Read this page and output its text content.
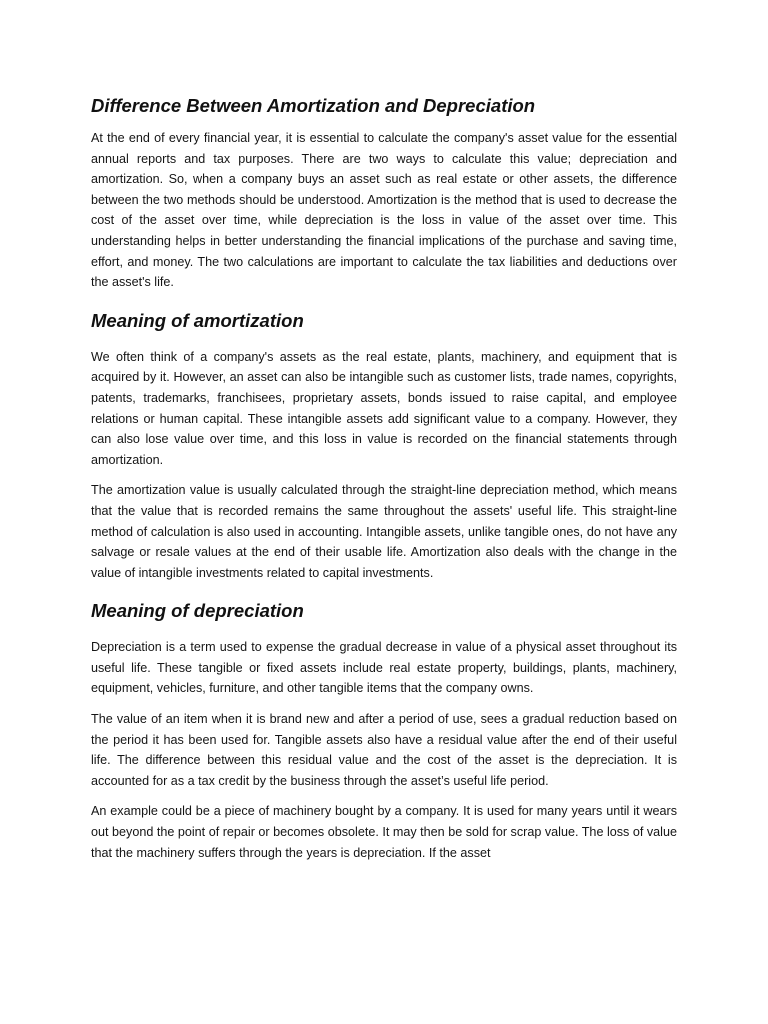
Difference Between Amortization and Depreciation

At the end of every financial year, it is essential to calculate the company's asset value for the essential annual reports and tax purposes. There are two ways to calculate this value; depreciation and amortization. So, when a company buys an asset such as real estate or other assets, the difference between the two methods should be understood. Amortization is the method that is used to decrease the cost of the asset over time, while depreciation is the loss in value of the asset over time. This understanding helps in better understanding the financial implications of the purchase and saving time, effort, and money. The two calculations are important to calculate the tax liabilities and deductions over the asset's life.

Meaning of amortization

We often think of a company's assets as the real estate, plants, machinery, and equipment that is acquired by it. However, an asset can also be intangible such as customer lists, trade names, copyrights, patents, trademarks, franchisees, proprietary assets, bonds issued to raise capital, and employee relations or human capital. These intangible assets add significant value to a company. However, they can also lose value over time, and this loss in value is recorded on the financial statements through amortization.

The amortization value is usually calculated through the straight-line depreciation method, which means that the value that is recorded remains the same throughout the assets' useful life. This straight-line method of calculation is also used in accounting. Intangible assets, unlike tangible ones, do not have any salvage or resale values at the end of their usable life. Amortization also deals with the change in the value of intangible investments related to capital investments.

Meaning of depreciation

Depreciation is a term used to expense the gradual decrease in value of a physical asset throughout its useful life. These tangible or fixed assets include real estate property, buildings, plants, machinery, equipment, vehicles, furniture, and other tangible items that the company owns.

The value of an item when it is brand new and after a period of use, sees a gradual reduction based on the period it has been used for. Tangible assets also have a residual value after the end of their useful life. The difference between this residual value and the cost of the asset is the depreciation. It is accounted for as a tax credit by the business through the asset’s useful life period.

An example could be a piece of machinery bought by a company. It is used for many years until it wears out beyond the point of repair or becomes obsolete. It may then be sold for scrap value. The loss of value that the machinery suffers through the years is depreciation. If the asset
